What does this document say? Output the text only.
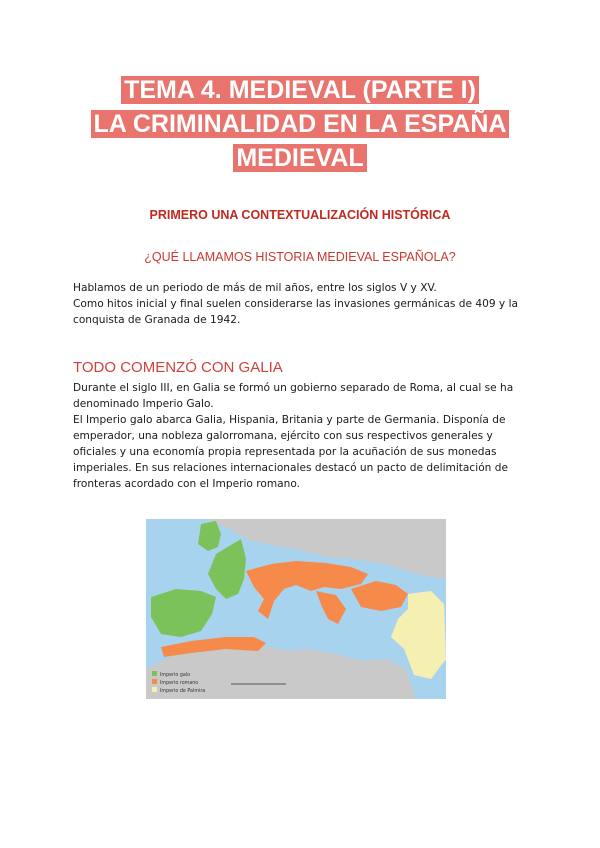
TEMA 4. MEDIEVAL (PARTE I)
LA CRIMINALIDAD EN LA ESPAÑA
MEDIEVAL
PRIMERO UNA CONTEXTUALIZACIÓN HISTÓRICA
¿QUÉ LLAMAMOS HISTORIA MEDIEVAL ESPAÑOLA?

Hablamos de un periodo de más de mil años, entre los siglos V y XV.

Como hitos inicial y final suelen considerarse las invasiones germánicas de 409 y la conquista de Granada de 1942.

TODO COMENZÓ CON GALIA

Durante el siglo III, en Galia se formó un gobierno separado de Roma, al cual se ha denominado Imperio Galo.

El Imperio galo abarca Galia, Hispania, Britania y parte de Germania. Disponía de emperador, una nobleza galorromana, ejército con sus respectivos generales y oficiales y una economía propia representada por la acuñación de sus monedas imperiales. En sus relaciones internacionales destacó un pacto de delimitación de fronteras acordado con el Imperio romano.

Imperio galo
Imperio romano
Imperio de Palmira
